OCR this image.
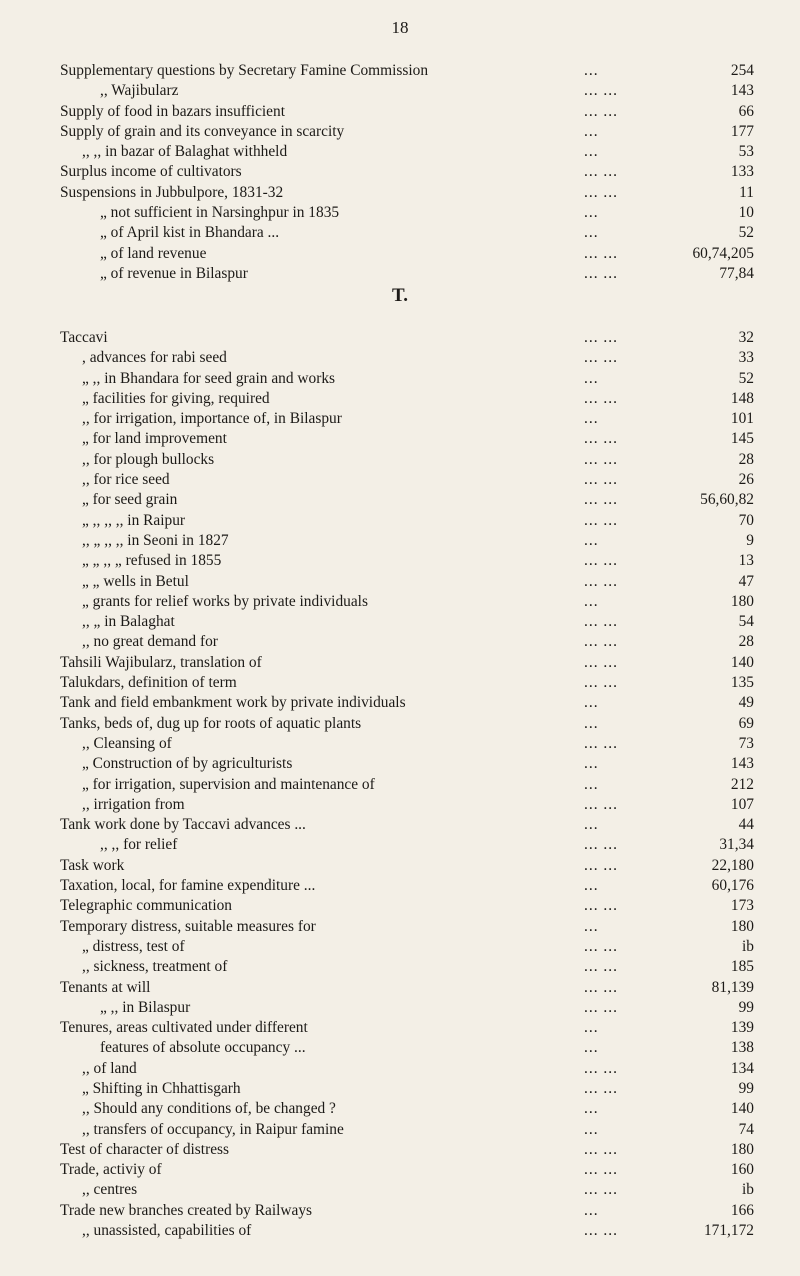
18
Supplementary questions by Secretary Famine Commission	...	254
,, Wajibularz	... ...	143
Supply of food in bazars insufficient	... ...	66
Supply of grain and its conveyance in scarcity	...	177
,, ,, in bazar of Balaghat withheld	...	53
Surplus income of cultivators	... ...	133
Suspensions in Jubbulpore, 1831-32	... ...	11
„ not sufficient in Narsinghpur in 1835	...	10
„ of April kist in Bhandara ...	...	52
„ of land revenue	... ...	60,74,205
„ of revenue in Bilaspur	... ...	77,84
T.
Taccavi	... ...	32
, advances for rabi seed	... ...	33
„ ,, in Bhandara for seed grain and works	...	52
„ facilities for giving, required	... ...	148
,, for irrigation, importance of, in Bilaspur	...	101
„ for land improvement	... ...	145
,, for plough bullocks	... ...	28
,, for rice seed	... ...	26
„ for seed grain	... ...	56,60,82
„ ,, ,, ,, in Raipur	... ...	70
,, „ ,, ,, in Seoni in 1827	...	9
„ „ ,, „ refused in 1855	... ...	13
„ „ wells in Betul	... ...	47
„ grants for relief works by private individuals	...	180
,, „ in Balaghat	... ...	54
,, no great demand for	... ...	28
Tahsili Wajibularz, translation of	... ...	140
Talukdars, definition of term	... ...	135
Tank and field embankment work by private individuals	...	49
Tanks, beds of, dug up for roots of aquatic plants	...	69
,, Cleansing of	... ...	73
„ Construction of by agriculturists	...	143
„ for irrigation, supervision and maintenance of	...	212
,, irrigation from	... ...	107
Tank work done by Taccavi advances ...	...	44
,, ,, for relief	... ...	31,34
Task work	... ...	22,180
Taxation, local, for famine expenditure ...	...	60,176
Telegraphic communication	... ...	173
Temporary distress, suitable measures for	...	180
„ distress, test of	... ...	ib
,, sickness, treatment of	... ...	185
Tenants at will	... ...	81,139
„ ,, in Bilaspur	... ...	99
Tenures, areas cultivated under different	...	139
features of absolute occupancy ...	...	138
,, of land	... ...	134
„ Shifting in Chhattisgarh	... ...	99
,, Should any conditions of, be changed ?	...	140
,, transfers of occupancy, in Raipur famine	...	74
Test of character of distress	... ...	180
Trade, activiy of	... ...	160
,, centres	... ...	ib
Trade new branches created by Railways	...	166
,, unassisted, capabilities of	... ...	171,172
